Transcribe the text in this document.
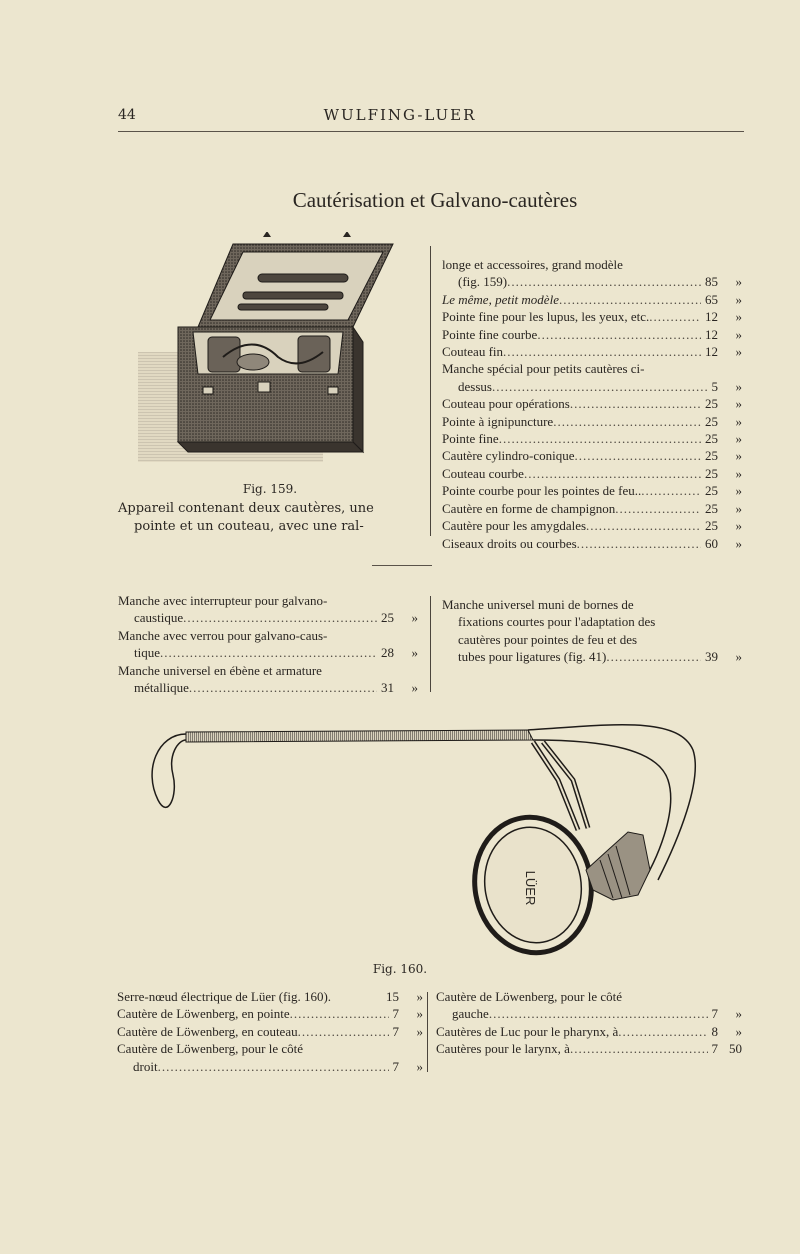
44	WULFING-LUER
Cautérisation et Galvano-cautères
Fig. 159.
Appareil contenant deux cautères, une
pointe et un couteau, avec une ral-
longe et accessoires, grand modèle
(fig. 159) .....	85	»
Le même, petit modèle .....	65	»
Pointe fine pour les lupus, les yeux, etc. .....	12	»
Pointe fine courbe .....	12	»
Couteau fin .....	12	»
Manche spécial pour petits cautères ci-
dessus .....	5	»
Couteau pour opérations .....	25	»
Pointe à ignipuncture .....	25	»
Pointe fine .....	25	»
Cautère cylindro-conique .....	25	»
Couteau courbe .....	25	»
Pointe courbe pour les pointes de feu.. .....	25	»
Cautère en forme de champignon .....	25	»
Cautère pour les amygdales .....	25	»
Ciseaux droits ou courbes .....	60	»
Manche avec interrupteur pour galvano-
caustique .....	25	»
Manche avec verrou pour galvano-caus-
tique .....	28	»
Manche universel en ébène et armature
métallique .....	31	»
Manche universel muni de bornes de
fixations courtes pour l'adaptation des
cautères pour pointes de feu et des
tubes pour ligatures (fig. 41) .....	39	»
LÜER
Fig. 160.
Serre-nœud électrique de Lüer (fig. 160).	15	»
Cautère de Löwenberg, en pointe .....	7	»
Cautère de Löwenberg, en couteau .....	7	»
Cautère de Löwenberg, pour le côté
droit .....	7	»
Cautère de Löwenberg, pour le côté
gauche .....	7	»
Cautères de Luc pour le pharynx, à .....	8	»
Cautères pour le larynx, à .....	7 50
